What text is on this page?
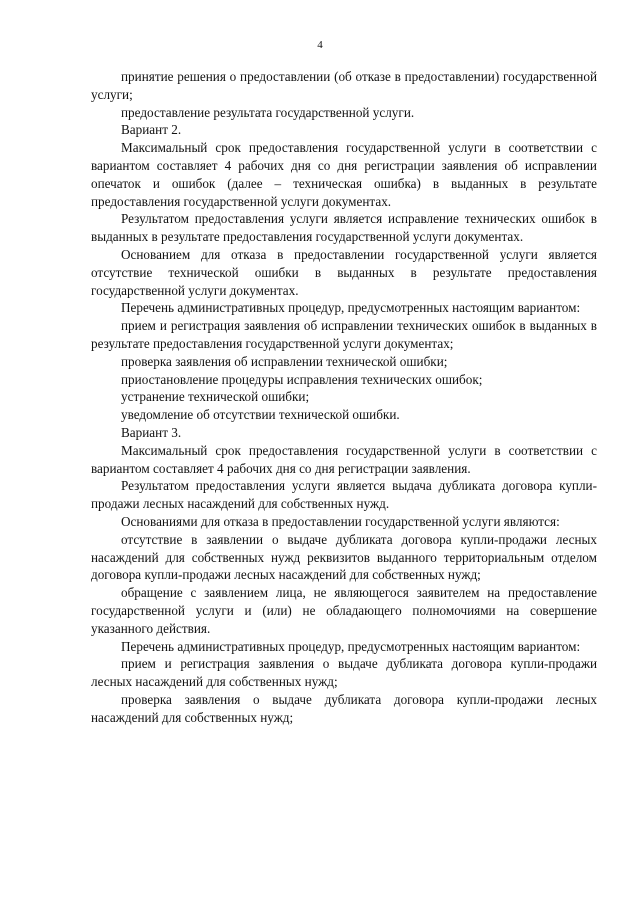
4

принятие решения о предоставлении (об отказе в предоставлении) государственной услуги;

предоставление результата государственной услуги.

Вариант 2.

Максимальный срок предоставления государственной услуги в соответствии с вариантом составляет 4 рабочих дня со дня регистрации заявления об исправлении опечаток и ошибок (далее – техническая ошибка) в выданных в результате предоставления государственной услуги документах.

Результатом предоставления услуги является исправление технических ошибок в выданных в результате предоставления государственной услуги документах.

Основанием для отказа в предоставлении государственной услуги является отсутствие технической ошибки в выданных в результате предоставления государственной услуги документах.

Перечень административных процедур, предусмотренных настоящим вариантом:

прием и регистрация заявления об исправлении технических ошибок в выданных в результате предоставления государственной услуги документах;

проверка заявления об исправлении технической ошибки;

приостановление процедуры исправления технических ошибок;

устранение технической ошибки;

уведомление об отсутствии технической ошибки.

Вариант 3.

Максимальный срок предоставления государственной услуги в соответствии с вариантом составляет 4 рабочих дня со дня регистрации заявления.

Результатом предоставления услуги является выдача дубликата договора купли-продажи лесных насаждений для собственных нужд.

Основаниями для отказа в предоставлении государственной услуги являются:

отсутствие в заявлении о выдаче дубликата договора купли-продажи лесных насаждений для собственных нужд реквизитов выданного территориальным отделом договора купли-продажи лесных насаждений для собственных нужд;

обращение с заявлением лица, не являющегося заявителем на предоставление государственной услуги и (или) не обладающего полномочиями на совершение указанного действия.

Перечень административных процедур, предусмотренных настоящим вариантом:

прием и регистрация заявления о выдаче дубликата договора купли-продажи лесных насаждений для собственных нужд;

проверка заявления о выдаче дубликата договора купли-продажи лесных насаждений для собственных нужд;
